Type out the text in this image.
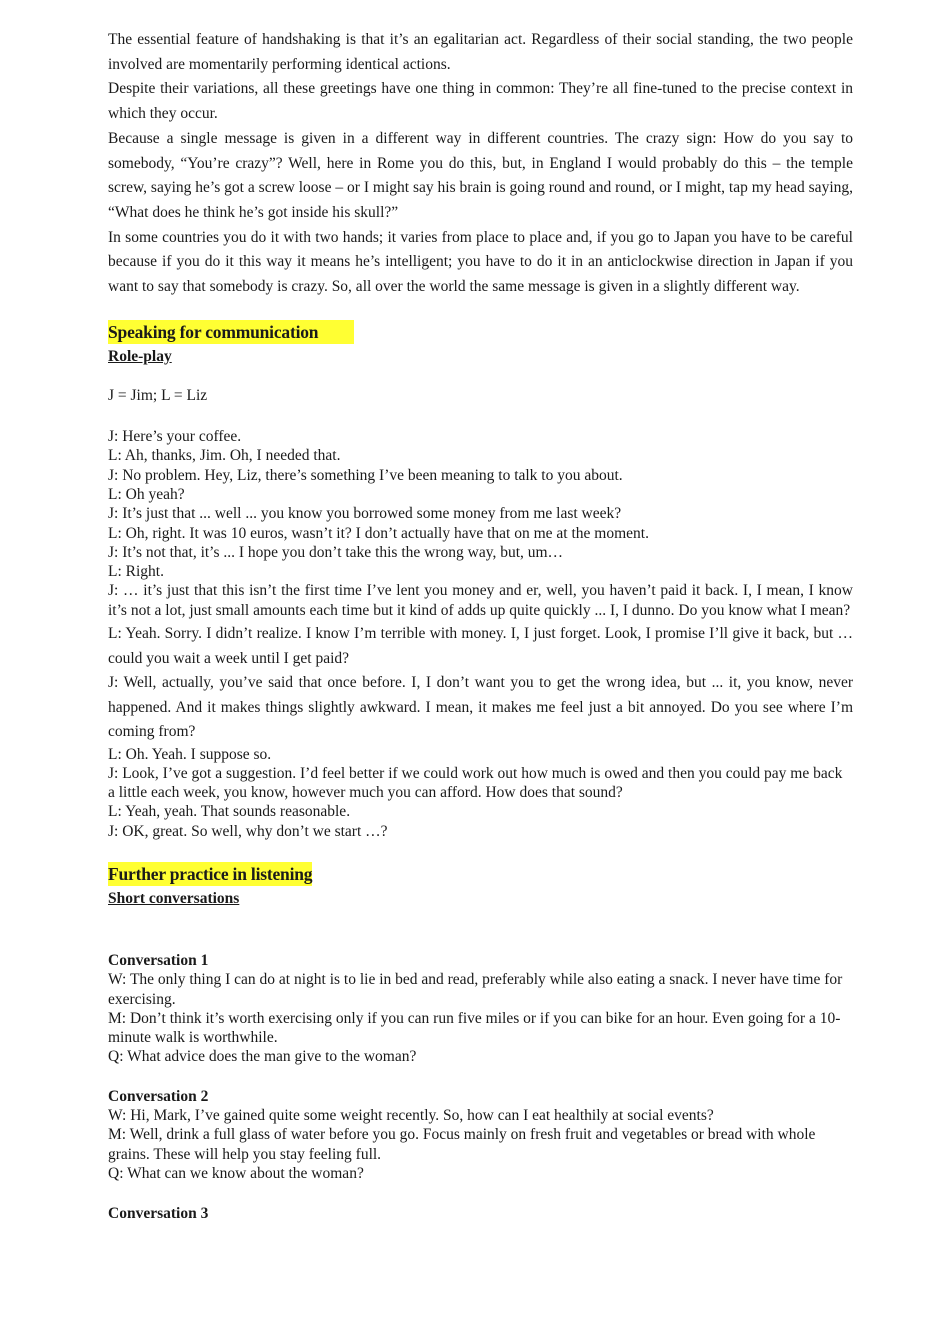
The essential feature of handshaking is that it’s an egalitarian act. Regardless of their social standing, the two people involved are momentarily performing identical actions.

Despite their variations, all these greetings have one thing in common: They’re all fine-tuned to the precise context in which they occur.

Because a single message is given in a different way in different countries. The crazy sign: How do you say to somebody, “You’re crazy”? Well, here in Rome you do this, but, in England I would probably do this – the temple screw, saying he’s got a screw loose – or I might say his brain is going round and round, or I might, tap my head saying, “What does he think he’s got inside his skull?”

In some countries you do it with two hands; it varies from place to place and, if you go to Japan you have to be careful because if you do it this way it means he’s intelligent; you have to do it in an anticlockwise direction in Japan if you want to say that somebody is crazy. So, all over the world the same message is given in a slightly different way.

Speaking for communication

Role-play

J = Jim; L = Liz

J: Here’s your coffee.

L: Ah, thanks, Jim. Oh, I needed that.

J: No problem. Hey, Liz, there’s something I’ve been meaning to talk to you about.

L: Oh yeah?

J: It’s just that ... well ... you know you borrowed some money from me last week?

L: Oh, right. It was 10 euros, wasn’t it? I don’t actually have that on me at the moment.

J: It’s not that, it’s ... I hope you don’t take this the wrong way, but, um…

L: Right.

J: … it’s just that this isn’t the first time I’ve lent you money and er, well, you haven’t paid it back. I, I mean, I know it’s not a lot, just small amounts each time but it kind of adds up quite quickly ... I, I dunno. Do you know what I mean?

L: Yeah. Sorry. I didn’t realize. I know I’m terrible with money. I, I just forget. Look, I promise I’ll give it back, but … could you wait a week until I get paid?

J: Well, actually, you’ve said that once before. I, I don’t want you to get the wrong idea, but ... it, you know, never happened. And it makes things slightly awkward. I mean, it makes me feel just a bit annoyed. Do you see where I’m coming from?

L: Oh. Yeah. I suppose so.

J: Look, I’ve got a suggestion. I’d feel better if we could work out how much is owed and then you could pay me back a little each week, you know, however much you can afford. How does that sound?

L: Yeah, yeah. That sounds reasonable.

J: OK, great. So well, why don’t we start …?

Further practice in listening

Short conversations

Conversation 1

W: The only thing I can do at night is to lie in bed and read, preferably while also eating a snack. I never have time for exercising.

M: Don’t think it’s worth exercising only if you can run five miles or if you can bike for an hour. Even going for a 10-minute walk is worthwhile.

Q: What advice does the man give to the woman?

Conversation 2

W: Hi, Mark, I’ve gained quite some weight recently. So, how can I eat healthily at social events?

M: Well, drink a full glass of water before you go. Focus mainly on fresh fruit and vegetables or bread with whole grains. These will help you stay feeling full.

Q: What can we know about the woman?

Conversation 3
